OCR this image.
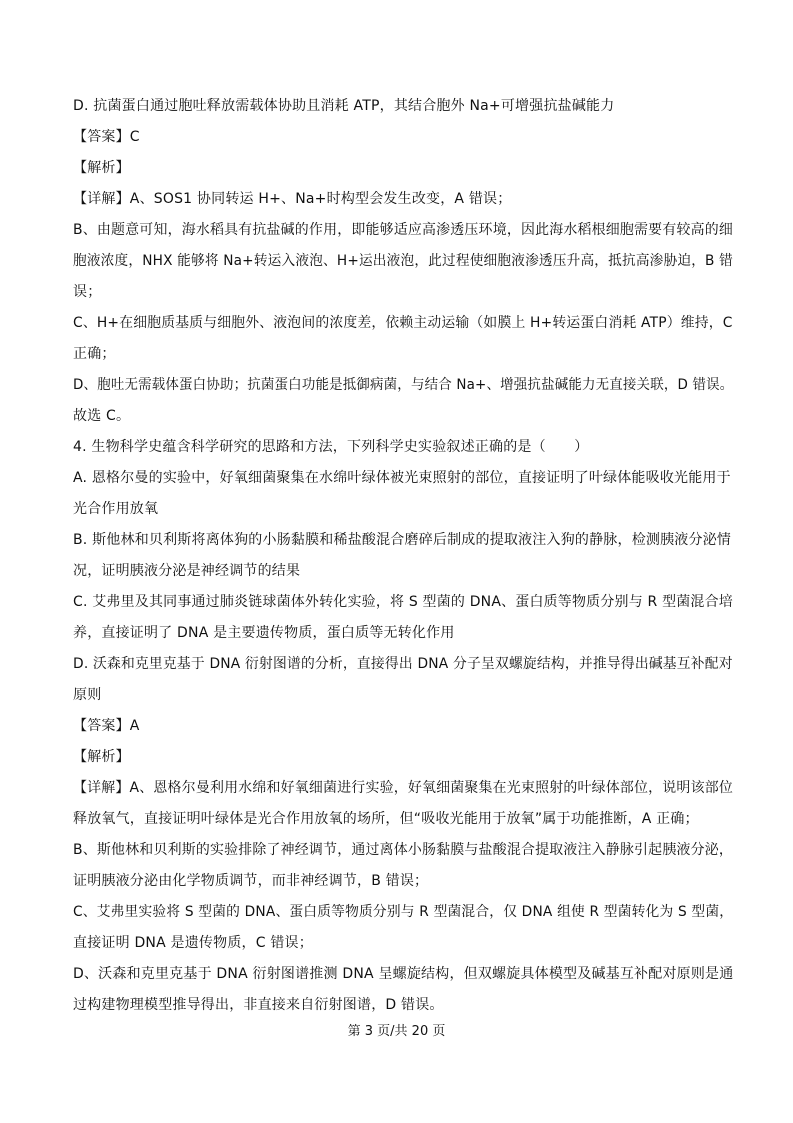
D. 抗菌蛋白通过胞吐释放需载体协助且消耗 ATP，其结合胞外 Na+可增强抗盐碱能力
【答案】C
【解析】
【详解】A、SOS1 协同转运 H+、Na+时构型会发生改变，A 错误；
B、由题意可知，海水稻具有抗盐碱的作用，即能够适应高渗透压环境，因此海水稻根细胞需要有较高的细
胞液浓度，NHX 能够将 Na+转运入液泡、H+运出液泡，此过程使细胞液渗透压升高，抵抗高渗胁迫，B 错
误；
C、H+在细胞质基质与细胞外、液泡间的浓度差，依赖主动运输（如膜上 H+转运蛋白消耗 ATP）维持，C
正确；
D、胞吐无需载体蛋白协助；抗菌蛋白功能是抵御病菌，与结合 Na+、增强抗盐碱能力无直接关联，D 错误。
故选 C。
4. 生物科学史蕴含科学研究的思路和方法，下列科学史实验叙述正确的是（　　）
A. 恩格尔曼的实验中，好氧细菌聚集在水绵叶绿体被光束照射的部位，直接证明了叶绿体能吸收光能用于
光合作用放氧
B. 斯他林和贝利斯将离体狗的小肠黏膜和稀盐酸混合磨碎后制成的提取液注入狗的静脉，检测胰液分泌情
况，证明胰液分泌是神经调节的结果
C. 艾弗里及其同事通过肺炎链球菌体外转化实验，将 S 型菌的 DNA、蛋白质等物质分别与 R 型菌混合培
养，直接证明了 DNA 是主要遗传物质，蛋白质等无转化作用
D. 沃森和克里克基于 DNA 衍射图谱的分析，直接得出 DNA 分子呈双螺旋结构，并推导得出碱基互补配对
原则
【答案】A
【解析】
【详解】A、恩格尔曼利用水绵和好氧细菌进行实验，好氧细菌聚集在光束照射的叶绿体部位，说明该部位
释放氧气，直接证明叶绿体是光合作用放氧的场所，但“吸收光能用于放氧”属于功能推断，A 正确；
B、斯他林和贝利斯的实验排除了神经调节，通过离体小肠黏膜与盐酸混合提取液注入静脉引起胰液分泌，
证明胰液分泌由化学物质调节，而非神经调节，B 错误；
C、艾弗里实验将 S 型菌的 DNA、蛋白质等物质分别与 R 型菌混合，仅 DNA 组使 R 型菌转化为 S 型菌，
直接证明 DNA 是遗传物质，C 错误；
D、沃森和克里克基于 DNA 衍射图谱推测 DNA 呈螺旋结构，但双螺旋具体模型及碱基互补配对原则是通
过构建物理模型推导得出，非直接来自衍射图谱，D 错误。
第 3 页/共 20 页
